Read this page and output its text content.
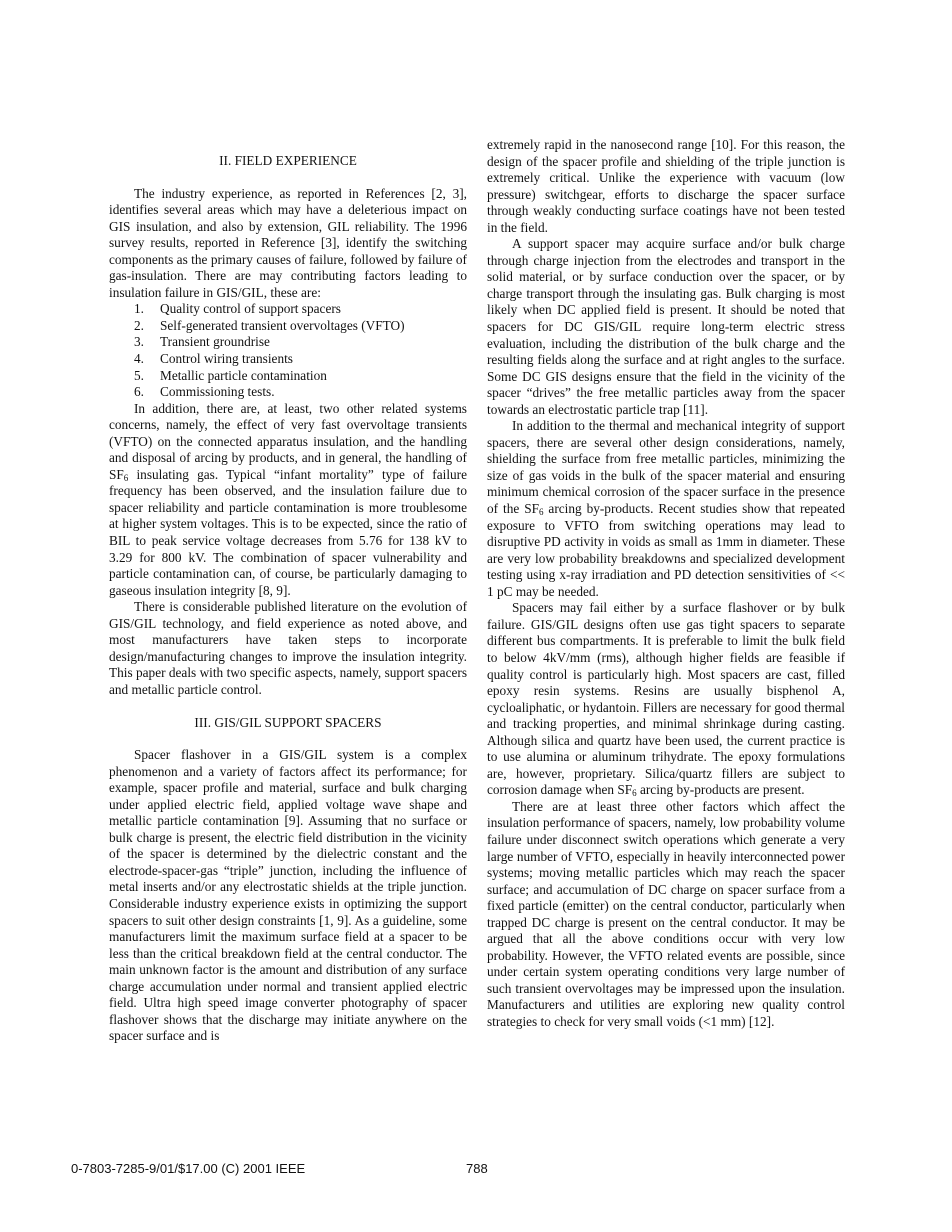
II. FIELD EXPERIENCE

The industry experience, as reported in References [2, 3], identifies several areas which may have a deleterious impact on GIS insulation, and also by extension, GIL reliability. The 1996 survey results, reported in Reference [3], identify the switching components as the primary causes of failure, followed by failure of gas-insulation. There are may contributing factors leading to insulation failure in GIS/GIL, these are:

1. Quality control of support spacers
2. Self-generated transient overvoltages (VFTO)
3. Transient groundrise
4. Control wiring transients
5. Metallic particle contamination
6. Commissioning tests.

In addition, there are, at least, two other related systems concerns, namely, the effect of very fast overvoltage transients (VFTO) on the connected apparatus insulation, and the handling and disposal of arcing by products, and in general, the handling of $SF_6$ insulating gas. Typical “infant mortality” type of failure frequency has been observed, and the insulation failure due to spacer reliability and particle contamination is more troublesome at higher system voltages. This is to be expected, since the ratio of BIL to peak service voltage decreases from 5.76 for 138 kV to 3.29 for 800 kV. The combination of spacer vulnerability and particle contamination can, of course, be particularly damaging to gaseous insulation integrity [8, 9].

There is considerable published literature on the evolution of GIS/GIL technology, and field experience as noted above, and most manufacturers have taken steps to incorporate design/manufacturing changes to improve the insulation integrity. This paper deals with two specific aspects, namely, support spacers and metallic particle control.

III. GIS/GIL SUPPORT SPACERS

Spacer flashover in a GIS/GIL system is a complex phenomenon and a variety of factors affect its performance; for example, spacer profile and material, surface and bulk charging under applied electric field, applied voltage wave shape and metallic particle contamination [9]. Assuming that no surface or bulk charge is present, the electric field distribution in the vicinity of the spacer is determined by the dielectric constant and the electrode-spacer-gas “triple” junction, including the influence of metal inserts and/or any electrostatic shields at the triple junction. Considerable industry experience exists in optimizing the support spacers to suit other design constraints [1, 9]. As a guideline, some manufacturers limit the maximum surface field at a spacer to be less than the critical breakdown field at the central conductor. The main unknown factor is the amount and distribution of any surface charge accumulation under normal and transient applied electric field. Ultra high speed image converter photography of spacer flashover shows that the discharge may initiate anywhere on the spacer surface and is

extremely rapid in the nanosecond range [10]. For this reason, the design of the spacer profile and shielding of the triple junction is extremely critical. Unlike the experience with vacuum (low pressure) switchgear, efforts to discharge the spacer surface through weakly conducting surface coatings have not been tested in the field.

A support spacer may acquire surface and/or bulk charge through charge injection from the electrodes and transport in the solid material, or by surface conduction over the spacer, or by charge transport through the insulating gas. Bulk charging is most likely when DC applied field is present. It should be noted that spacers for DC GIS/GIL require long-term electric stress evaluation, including the distribution of the bulk charge and the resulting fields along the surface and at right angles to the surface. Some DC GIS designs ensure that the field in the vicinity of the spacer “drives” the free metallic particles away from the spacer towards an electrostatic particle trap [11].

In addition to the thermal and mechanical integrity of support spacers, there are several other design considerations, namely, shielding the surface from free metallic particles, minimizing the size of gas voids in the bulk of the spacer material and ensuring minimum chemical corrosion of the spacer surface in the presence of the $SF_6$ arcing by-products. Recent studies show that repeated exposure to VFTO from switching operations may lead to disruptive PD activity in voids as small as 1mm in diameter. These are very low probability breakdowns and specialized development testing using x-ray irradiation and PD detection sensitivities of << 1 pC may be needed.

Spacers may fail either by a surface flashover or by bulk failure. GIS/GIL designs often use gas tight spacers to separate different bus compartments. It is preferable to limit the bulk field to below 4kV/mm (rms), although higher fields are feasible if quality control is particularly high. Most spacers are cast, filled epoxy resin systems. Resins are usually bisphenol A, cycloaliphatic, or hydantoin. Fillers are necessary for good thermal and tracking properties, and minimal shrinkage during casting. Although silica and quartz have been used, the current practice is to use alumina or aluminum trihydrate. The epoxy formulations are, however, proprietary. Silica/quartz fillers are subject to corrosion damage when $SF_6$ arcing by-products are present.

There are at least three other factors which affect the insulation performance of spacers, namely, low probability volume failure under disconnect switch operations which generate a very large number of VFTO, especially in heavily interconnected power systems; moving metallic particles which may reach the spacer surface; and accumulation of DC charge on spacer surface from a fixed particle (emitter) on the central conductor, particularly when trapped DC charge is present on the central conductor. It may be argued that all the above conditions occur with very low probability. However, the VFTO related events are possible, since under certain system operating conditions very large number of such transient overvoltages may be impressed upon the insulation. Manufacturers and utilities are exploring new quality control strategies to check for very small voids (<1 mm) [12].

0-7803-7285-9/01/$17.00 (C) 2001 IEEE	788
